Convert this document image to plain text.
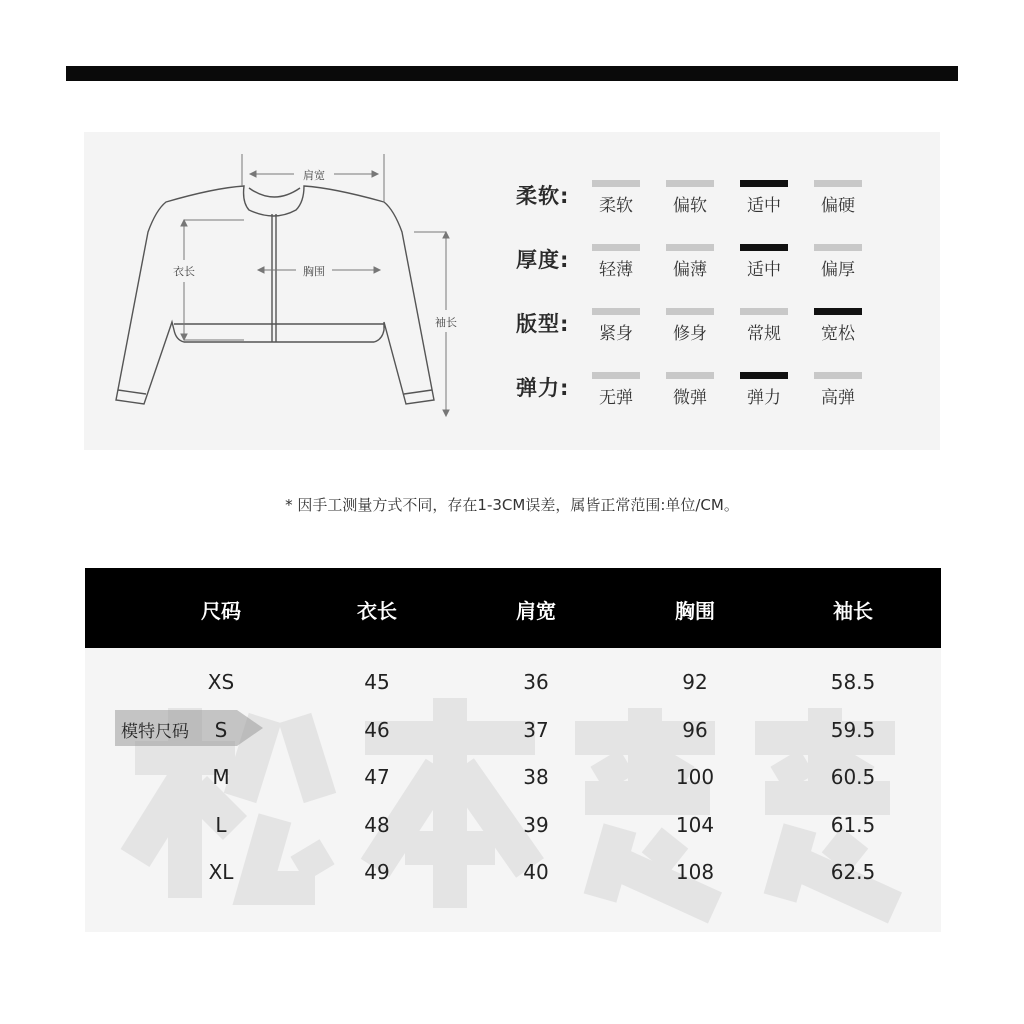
肩宽
衣长	胸围
袖长
柔软:	柔软	偏软	适中	偏硬
厚度:	轻薄	偏薄	适中	偏厚
版型:	紧身	修身	常规	宽松
弹力:	无弹	微弹	弹力	高弹
* 因手工测量方式不同，存在1-3CM误差，属皆正常范围:单位/CM。
尺码	衣长	肩宽	胸围	袖长
XS	45	36	92	58.5
模特尺码	S	46	37	96	59.5
M	47	38	100	60.5
L	48	39	104	61.5
XL	49	40	108	62.5
